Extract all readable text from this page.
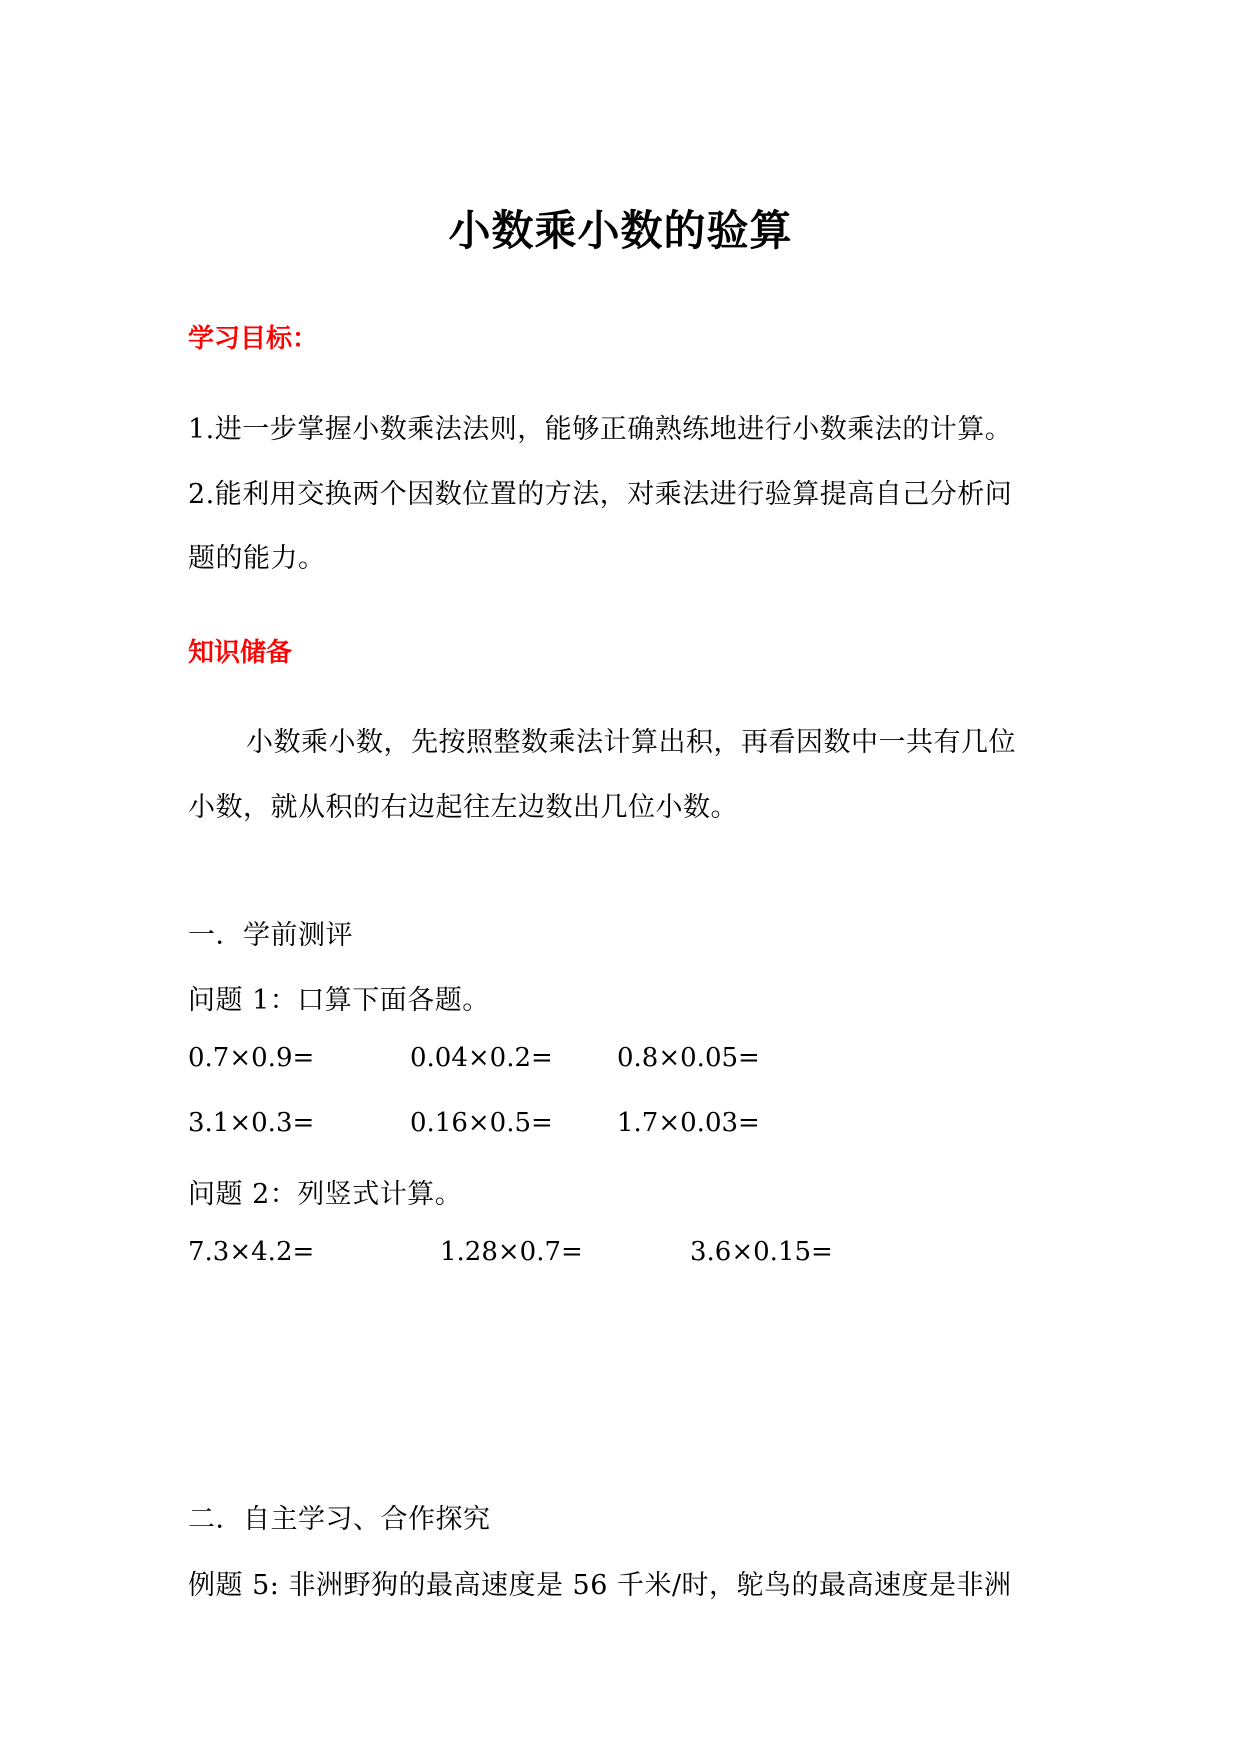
小数乘小数的验算
学习目标：
1.进一步掌握小数乘法法则，能够正确熟练地进行小数乘法的计算。
2.能利用交换两个因数位置的方法，对乘法进行验算提高自己分析问
题的能力。
知识储备
小数乘小数，先按照整数乘法计算出积，再看因数中一共有几位
小数，就从积的右边起往左边数出几位小数。
一．学前测评
问题 1：口算下面各题。
0.7×0.9=	0.04×0.2= 0.8×0.05=
3.1×0.3=	0.16×0.5= 1.7×0.03=
问题 2：列竖式计算。
7.3×4.2=	1.28×0.7=	3.6×0.15=
二．自主学习、合作探究
例题 5: 非洲野狗的最高速度是 56 千米/时，鸵鸟的最高速度是非洲
